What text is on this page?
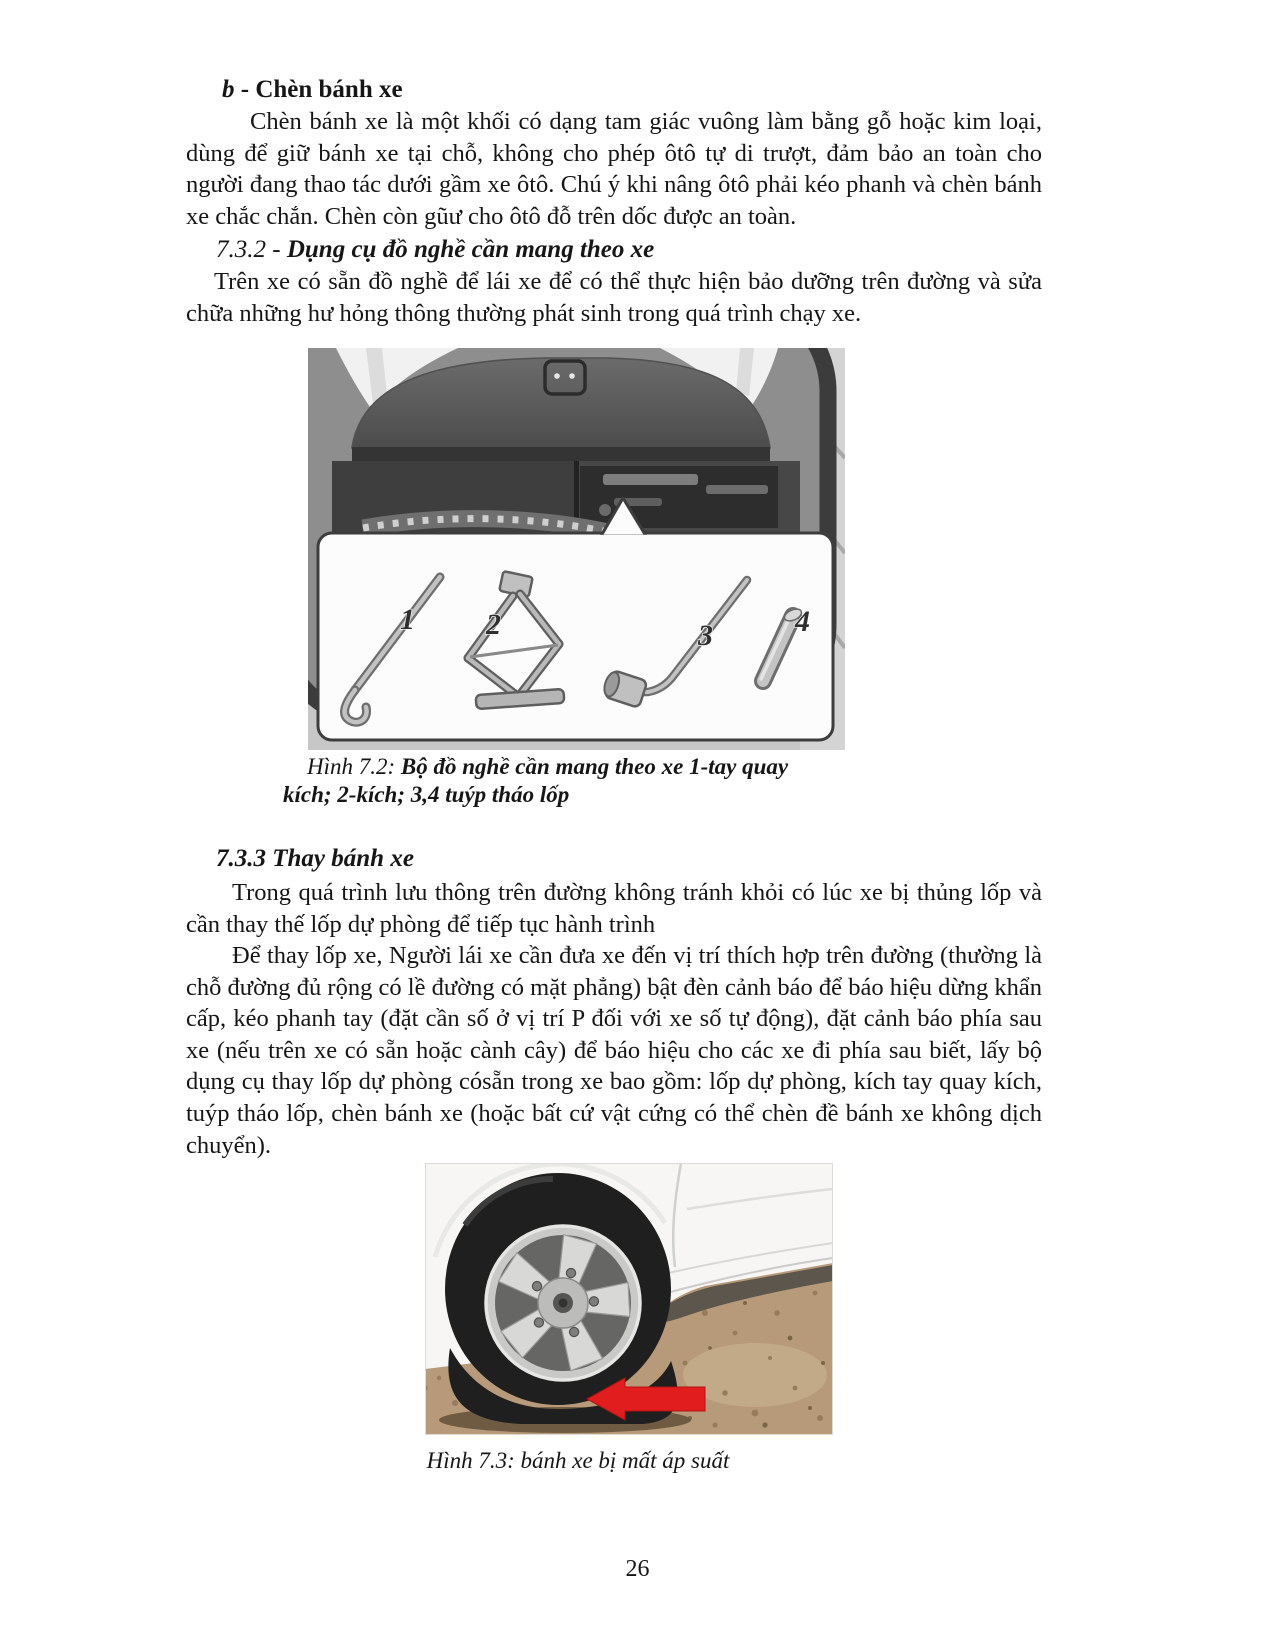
b - Chèn bánh xe

Chèn bánh xe là một khối có dạng tam giác vuông làm bằng gỗ hoặc kim loại, dùng để giữ bánh xe tại chỗ, không cho phép ôtô tự di trượt, đảm bảo an toàn cho người đang thao tác dưới gầm xe ôtô. Chú ý khi nâng ôtô phải kéo phanh và chèn bánh xe chắc chắn. Chèn còn gũư cho ôtô đỗ trên dốc được an toàn.

7.3.2 - Dụng cụ đồ nghề cần mang theo xe

Trên xe có sẵn đồ nghề để lái xe để có thể thực hiện bảo dưỡng trên đường và sửa chữa những hư hỏng thông thường phát sinh trong quá trình chạy xe.

1 2	3	4
Hình 7.2: Bộ đồ nghề cần mang theo xe 1-tay quay kích; 2-kích; 3,4 tuýp tháo lốp
7.3.3 Thay bánh xe

Trong quá trình lưu thông trên đường không tránh khỏi có lúc xe bị thủng lốp và cần thay thế lốp dự phòng để tiếp tục hành trình

Để thay lốp xe, Người lái xe cần đưa xe đến vị trí thích hợp trên đường (thường là chỗ đường đủ rộng có lề đường có mặt phẳng) bật đèn cảnh báo để báo hiệu dừng khẩn cấp, kéo phanh tay (đặt cần số ở vị trí P đối với xe số tự động), đặt cảnh báo phía sau xe (nếu trên xe có sẵn hoặc cành cây) để báo hiệu cho các xe đi phía sau biết, lấy bộ dụng cụ thay lốp dự phòng cósẵn trong xe bao gồm: lốp dự phòng, kích tay quay kích, tuýp tháo lốp, chèn bánh xe (hoặc bất cứ vật cứng có thể chèn đề bánh xe không dịch chuyển).

Hình 7.3: bánh xe bị mất áp suất
26
